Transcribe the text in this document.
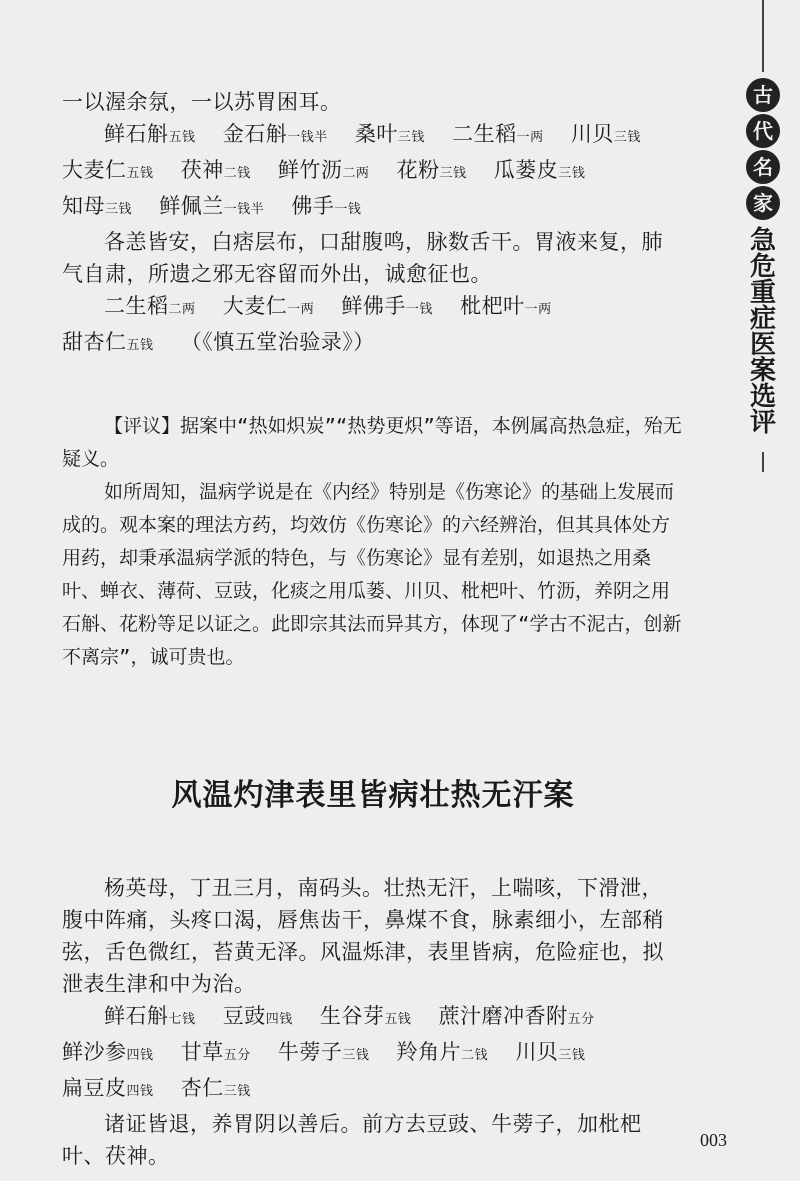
古
代
名
家
急危重症医案选评

一以渥余氛，一以苏胃困耳。

鲜石斛五钱 金石斛一钱半 桑叶三钱 二生稻一两 川贝三钱 大麦仁五钱 茯神二钱 鲜竹沥二两 花粉三钱 瓜蒌皮三钱 知母三钱 鲜佩兰一钱半 佛手一钱

各恙皆安，白痞层布，口甜腹鸣，脉数舌干。胃液来复，肺气自肃，所遗之邪无容留而外出，诚愈征也。

二生稻二两 大麦仁一两 鲜佛手一钱 枇杷叶一两 甜杏仁五钱 （《慎五堂治验录》）

【评议】据案中“热如炽炭”“热势更炽”等语，本例属高热急症，殆无疑义。

如所周知，温病学说是在《内经》特别是《伤寒论》的基础上发展而成的。观本案的理法方药，均效仿《伤寒论》的六经辨治，但其具体处方用药，却秉承温病学派的特色，与《伤寒论》显有差别，如退热之用桑叶、蝉衣、薄荷、豆豉，化痰之用瓜蒌、川贝、枇杷叶、竹沥，养阴之用石斛、花粉等足以证之。此即宗其法而异其方，体现了“学古不泥古，创新不离宗”，诚可贵也。

风温灼津表里皆病壮热无汗案

杨英母，丁丑三月，南码头。壮热无汗，上喘咳，下滑泄，腹中阵痛，头疼口渴，唇焦齿干，鼻煤不食，脉素细小，左部稍弦，舌色微红，苔黄无泽。风温烁津，表里皆病，危险症也，拟泄表生津和中为治。

鲜石斛七钱 豆豉四钱 生谷芽五钱 蔗汁磨冲香附五分 鲜沙参四钱 甘草五分 牛蒡子三钱 羚角片二钱 川贝三钱 扁豆皮四钱 杏仁三钱

诸证皆退，养胃阴以善后。前方去豆豉、牛蒡子，加枇杷叶、茯神。

003
